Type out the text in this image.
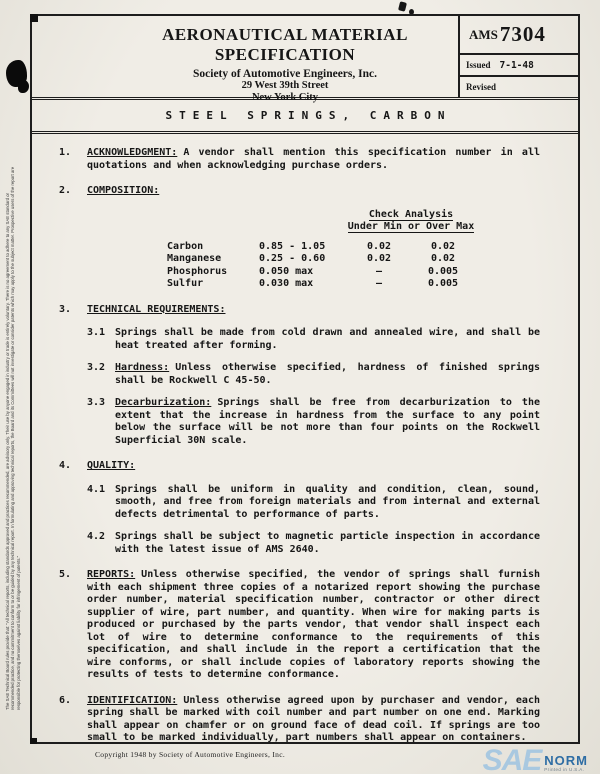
The SAE Technical Board rules provide that: "All technical reports, including standards approved and practices recommended, are advisory only. Their use by anyone engaged in industry or trade is entirely voluntary. There is no agreement to adhere to any SAE standard or recommended practice, and no commitment to conform to or be guided by any technical report. In formulating and approving technical reports, the Board and its Committees will not investigate or consider patents which may apply to the subject matter. Prospective users of the report are responsible for protecting themselves against liability for infringement of patents."
AERONAUTICAL MATERIAL SPECIFICATION
Society of Automotive Engineers, Inc.
29 West 39th Street
New York City
AMS 7304
Issued 7-1-48
Revised
STEEL SPRINGS, CARBON
1.	ACKNOWLEDGMENT: A vendor shall mention this specification number in all quotations and when acknowledging purchase orders.
2.	COMPOSITION:
Check Analysis
Under Min or Over Max
Carbon	0.85 - 1.05	0.02	0.02
Manganese	0.25 - 0.60	0.02	0.02
Phosphorus	0.050 max	—	0.005
Sulfur	0.030 max	—	0.005
3.	TECHNICAL REQUIREMENTS:
3.1 Springs shall be made from cold drawn and annealed wire, and shall be heat treated after forming.
3.2 Hardness: Unless otherwise specified, hardness of finished springs shall be Rockwell C 45-50.
3.3 Decarburization: Springs shall be free from decarburization to the extent that the increase in hardness from the surface to any point below the surface will be not more than four points on the Rockwell Superficial 30N scale.
4.	QUALITY:
4.1 Springs shall be uniform in quality and condition, clean, sound, smooth, and free from foreign materials and from internal and external defects detrimental to performance of parts.
4.2 Springs shall be subject to magnetic particle inspection in accordance with the latest issue of AMS 2640.
5.	REPORTS: Unless otherwise specified, the vendor of springs shall furnish with each shipment three copies of a notarized report showing the purchase order number, material specification number, contractor or other direct supplier of wire, part number, and quantity. When wire for making parts is produced or purchased by the parts vendor, that vendor shall inspect each lot of wire to determine conformance to the requirements of this specification, and shall include in the report a certification that the wire conforms, or shall include copies of laboratory reports showing the results of tests to determine conformance.
6.	IDENTIFICATION: Unless otherwise agreed upon by purchaser and vendor, each spring shall be marked with coil number and part number on one end. Marking shall appear on chamfer or on ground face of dead coil. If springs are too small to be marked individually, part numbers shall appear on containers.
Copyright 1948 by Society of Automotive Engineers, Inc.	SAE NORM
Printed in U.S.A.
